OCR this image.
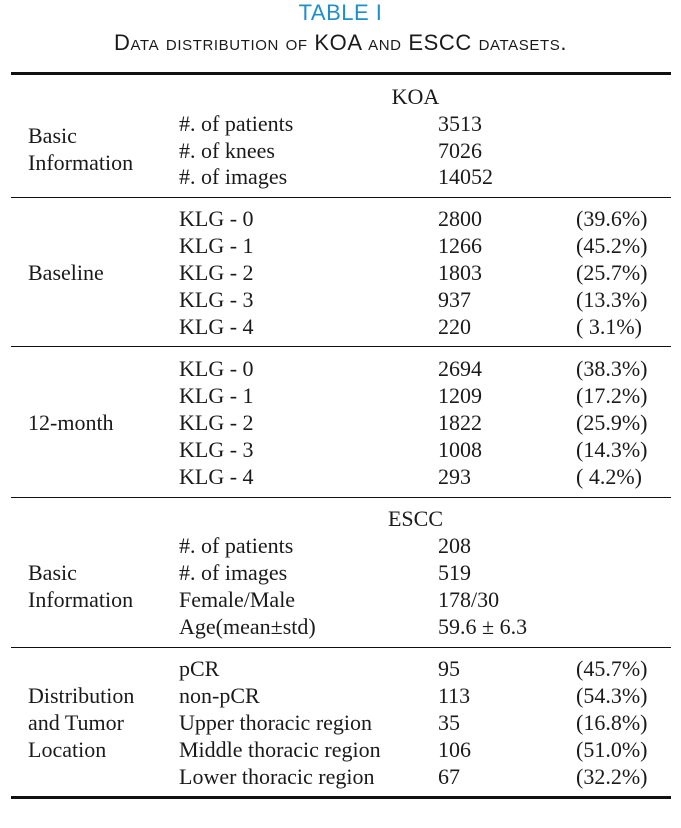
TABLE I
Data distribution of KOA and ESCC datasets.
KOA
Basic
Information
#. of patients	3513
#. of knees	7026
#. of images	14052
Baseline
KLG - 0	2800	(39.6%)
KLG - 1	1266	(45.2%)
KLG - 2	1803	(25.7%)
KLG - 3	937	(13.3%)
KLG - 4	220	( 3.1%)
12-month
KLG - 0	2694	(38.3%)
KLG - 1	1209	(17.2%)
KLG - 2	1822	(25.9%)
KLG - 3	1008	(14.3%)
KLG - 4	293	( 4.2%)
ESCC
Basic
Information
#. of patients	208
#. of images	519
Female/Male	178/30
Age(mean±std)	59.6 ± 6.3
Distribution
and Tumor
Location
pCR	95	(45.7%)
non-pCR	113	(54.3%)
Upper thoracic region	35	(16.8%)
Middle thoracic region	106	(51.0%)
Lower thoracic region	67	(32.2%)
